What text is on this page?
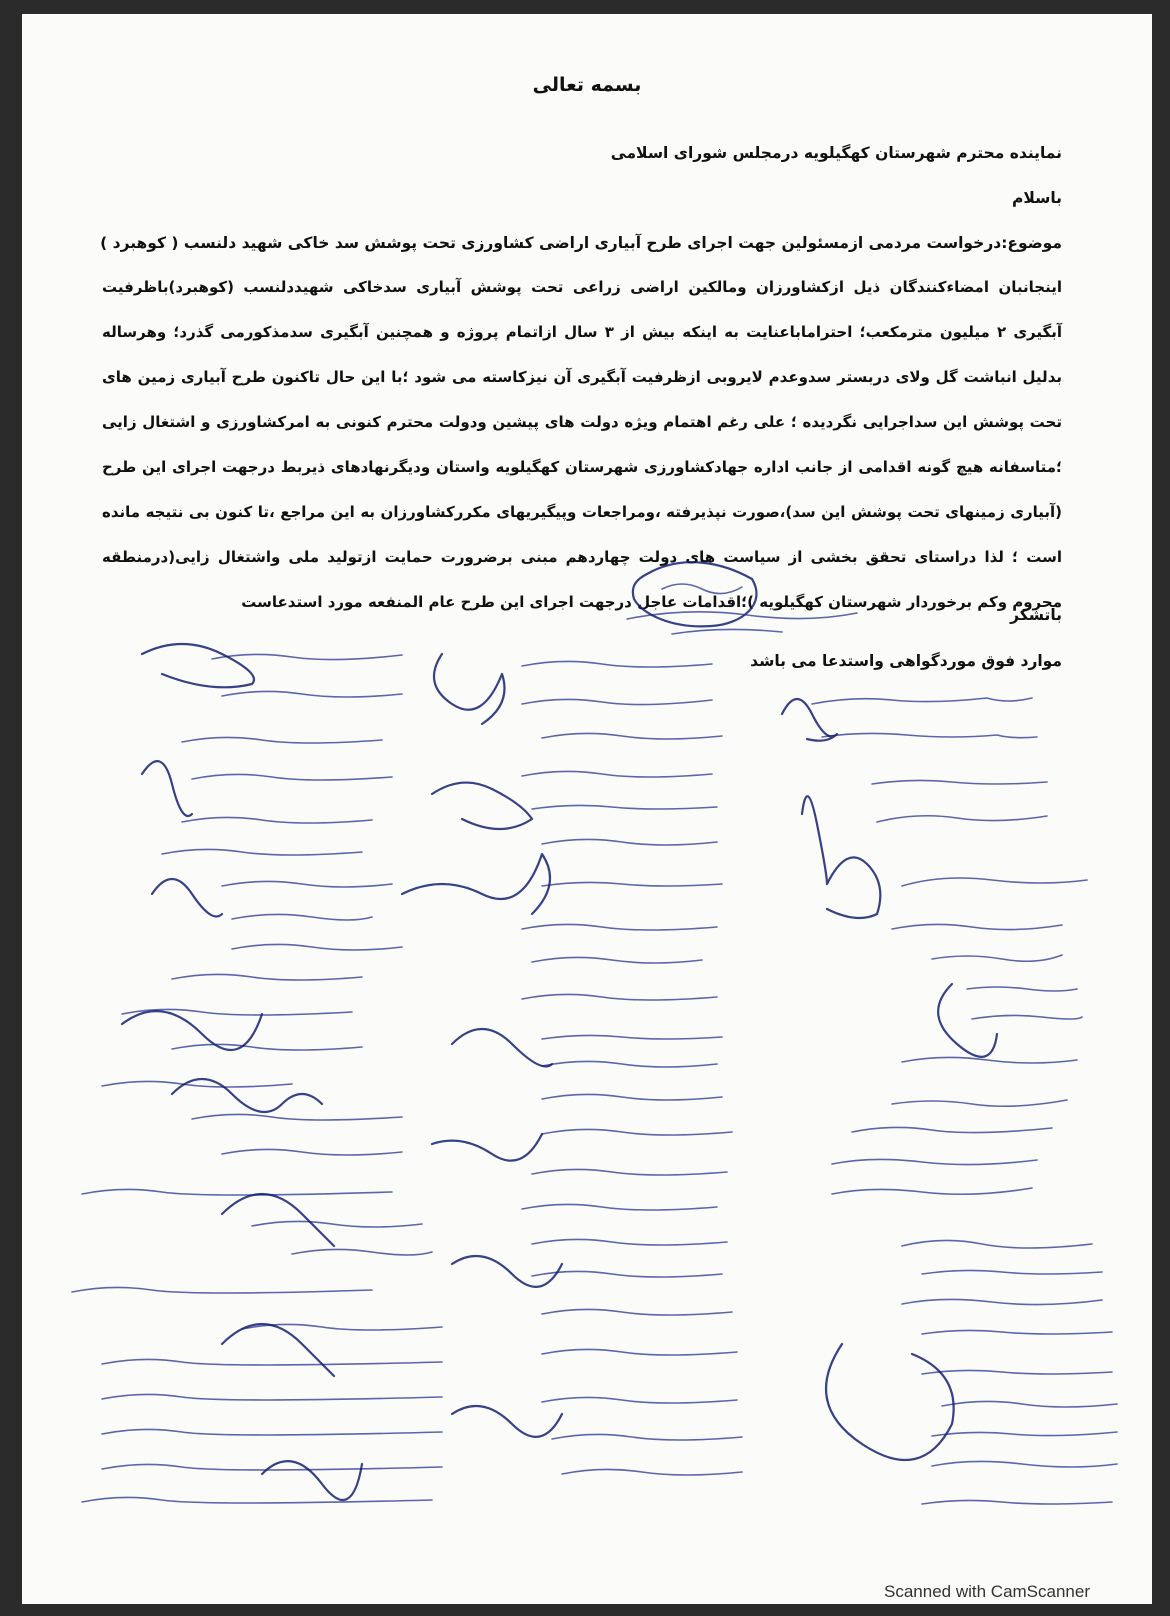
بسمه تعالی
نماینده محترم شهرستان کهگیلویه درمجلس شورای اسلامی
باسلام
موضوع:درخواست مردمی ازمسئولین جهت اجرای طرح آبیاری اراضی کشاورزی تحت پوشش سد خاکی شهید دلنسب ( کوهبرد )
اینجانبان امضاءکنندگان ذیل ازکشاورزان ومالکین اراضی زراعی تحت پوشش آبیاری سدخاکی شهیددلنسب (کوهبرد)باظرفیت آبگیری ۲ میلیون مترمکعب؛ احتراماباعنایت به اینکه بیش از ۳ سال ازاتمام پروژه و همچنین آبگیری سدمذکورمی گذرد؛ وهرساله بدلیل انباشت گل ولای دربستر سدوعدم لایروبی ازظرفیت آبگیری آن نیزکاسته می شود ؛با این حال تاکنون طرح آبیاری زمین های تحت پوشش این سداجرایی نگردیده ؛ علی رغم اهتمام ویژه دولت های پیشین ودولت محترم کنونی به امرکشاورزی و اشتغال زایی ؛متاسفانه هیچ گونه اقدامی از جانب اداره جهادکشاورزی شهرستان کهگیلویه واستان ودیگرنهادهای ذیربط درجهت اجرای این طرح (آبیاری زمینهای تحت پوشش این سد)،صورت نپذیرفته ،ومراجعات وپیگیریهای مکررکشاورزان به این مراجع ،تا کنون بی نتیجه مانده است ؛ لذا دراستای تحقق بخشی از سیاست های دولت چهاردهم مبنی برضرورت حمایت ازتولید ملی واشتغال زایی(درمنطقه محروم وکم برخوردار شهرستان کهگیلویه )؛اقدامات عاجل درجهت اجرای این طرح عام المنفعه مورد استدعاست
باتشکر
موارد فوق موردگواهی واستدعا می باشد
Scanned with CamScanner
